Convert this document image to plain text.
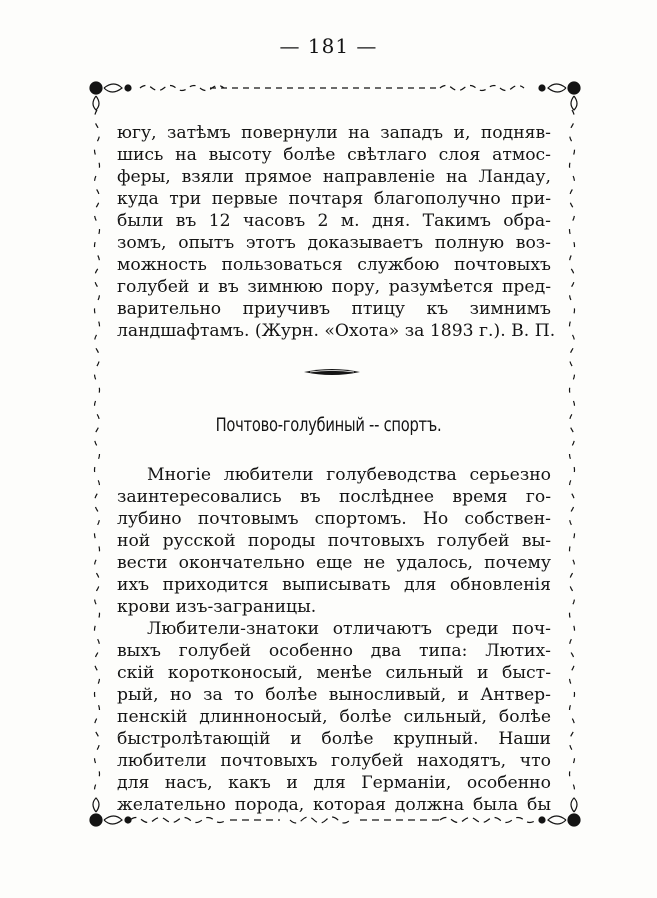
— 181 —
югу, затѣмъ повернули на западъ и, подняв-
шись на высоту болѣе свѣтлаго слоя атмос-
феры, взяли прямое направленіе на Ландау,
куда три первые почтаря благополучно при-
были въ 12 часовъ 2 м. дня. Такимъ обра-
зомъ, опытъ этотъ доказываетъ полную воз-
можность пользоваться службою почтовыхъ
голубей и въ зимнюю пору, разумѣется пред-
варительно приучивъ птицу къ зимнимъ
ландшафтамъ. (Журн. «Охота» за 1893 г.). В. П.
Почтово-голубиный -- спортъ.
Многіе любители голубеводства серьезно
заинтересовались въ послѣднее время го-
лубино почтовымъ спортомъ. Но собствен-
ной русской породы почтовыхъ голубей вы-
вести окончательно еще не удалось, почему
ихъ приходится выписывать для обновленія
крови изъ-заграницы.
Любители-знатоки отличаютъ среди поч-
выхъ голубей особенно два типа: Лютих-
скій коротконосый, менѣе сильный и быст-
рый, но за то болѣе выносливый, и Антвер-
пенскій длинноносый, болѣе сильный, болѣе
быстролѣтающій и болѣе крупный. Наши
любители почтовыхъ голубей находятъ, что
для насъ, какъ и для Германіи, особенно
желательно порода, которая должна была бы
